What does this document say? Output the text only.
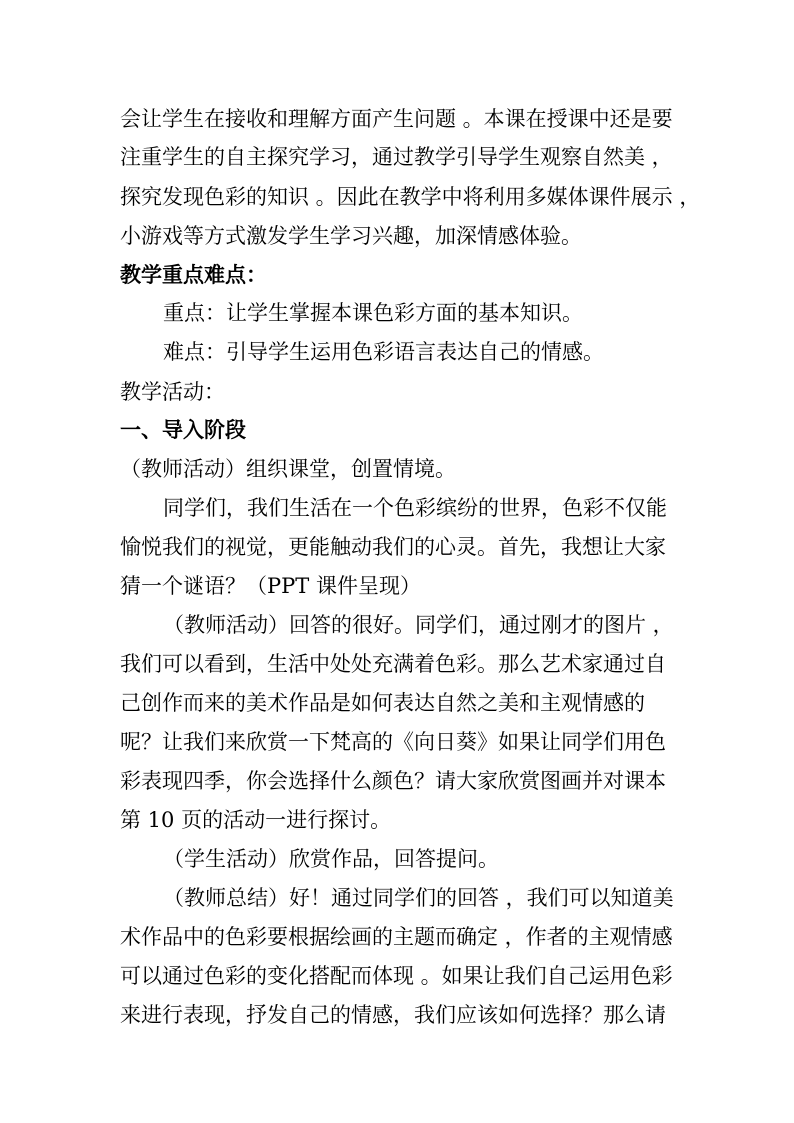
会让学生在接收和理解方面产生问题 。本课在授课中还是要
注重学生的自主探究学习，通过教学引导学生观察自然美 ，
探究发现色彩的知识 。因此在教学中将利用多媒体课件展示 ，
小游戏等方式激发学生学习兴趣，加深情感体验。
教学重点难点：
重点：让学生掌握本课色彩方面的基本知识。
难点：引导学生运用色彩语言表达自己的情感。
教学活动：
一、导入阶段
（教师活动）组织课堂，创置情境。
同学们，我们生活在一个色彩缤纷的世界，色彩不仅能
愉悦我们的视觉，更能触动我们的心灵。首先，我想让大家
猜一个谜语？（PPT 课件呈现）
（教师活动）回答的很好。同学们，通过刚才的图片 ，
我们可以看到，生活中处处充满着色彩。那么艺术家通过自
己创作而来的美术作品是如何表达自然之美和主观情感的
呢？让我们来欣赏一下梵高的《向日葵》如果让同学们用色
彩表现四季，你会选择什么颜色？请大家欣赏图画并对课本
第 10 页的活动一进行探讨。
（学生活动）欣赏作品，回答提问。
（教师总结）好！通过同学们的回答 ，我们可以知道美
术作品中的色彩要根据绘画的主题而确定 ，作者的主观情感
可以通过色彩的变化搭配而体现 。如果让我们自己运用色彩
来进行表现，抒发自己的情感，我们应该如何选择？那么请
